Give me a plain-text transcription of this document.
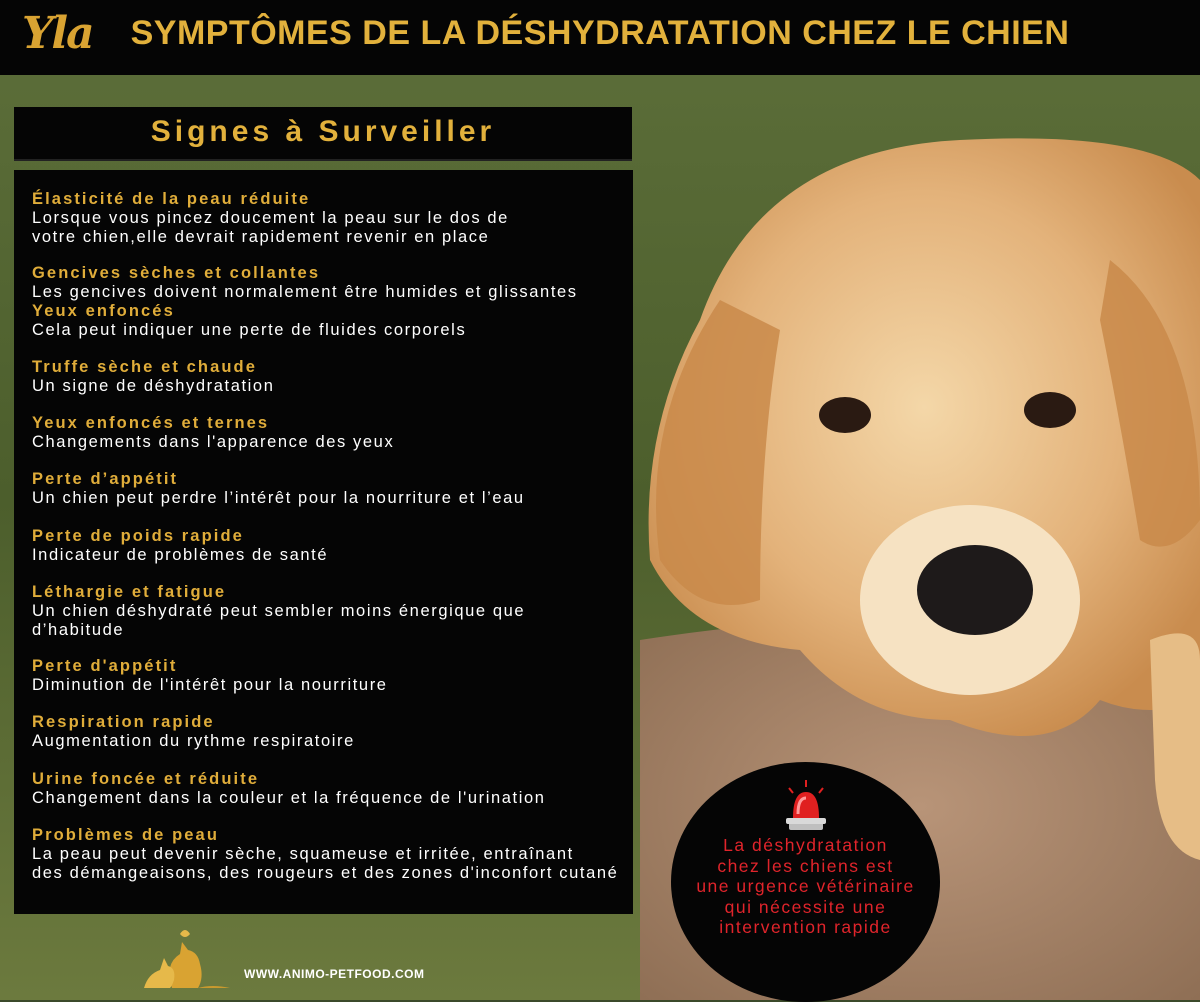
Yla	SYMPTÔMES DE LA DÉSHYDRATATION CHEZ LE CHIEN
Signes à Surveiller
Élasticité de la peau réduite
Lorsque vous pincez doucement la peau sur le dos de
votre chien,elle devrait rapidement revenir en place
Gencives sèches et collantes
Les gencives doivent normalement être humides et glissantes
Yeux enfoncés
Cela peut indiquer une perte de fluides corporels
Truffe sèche et chaude
Un signe de déshydratation
Yeux enfoncés et ternes
Changements dans l'apparence des yeux
Perte d’appétit
Un chien peut perdre l’intérêt pour la nourriture et l’eau
Perte de poids rapide
Indicateur de problèmes de santé
Léthargie et fatigue
Un chien déshydraté peut sembler moins énergique que
d’habitude
Perte d'appétit
Diminution de l'intérêt pour la nourriture
Respiration rapide
Augmentation du rythme respiratoire
Urine foncée et réduite
Changement dans la couleur et la fréquence de l'urination
Problèmes de peau
La peau peut devenir sèche, squameuse et irritée, entraînant
des démangeaisons, des rougeurs et des zones d'inconfort cutané
La déshydratation
chez les chiens est
une urgence vétérinaire
qui nécessite une
intervention rapide
WWW.ANIMO-PETFOOD.COM
